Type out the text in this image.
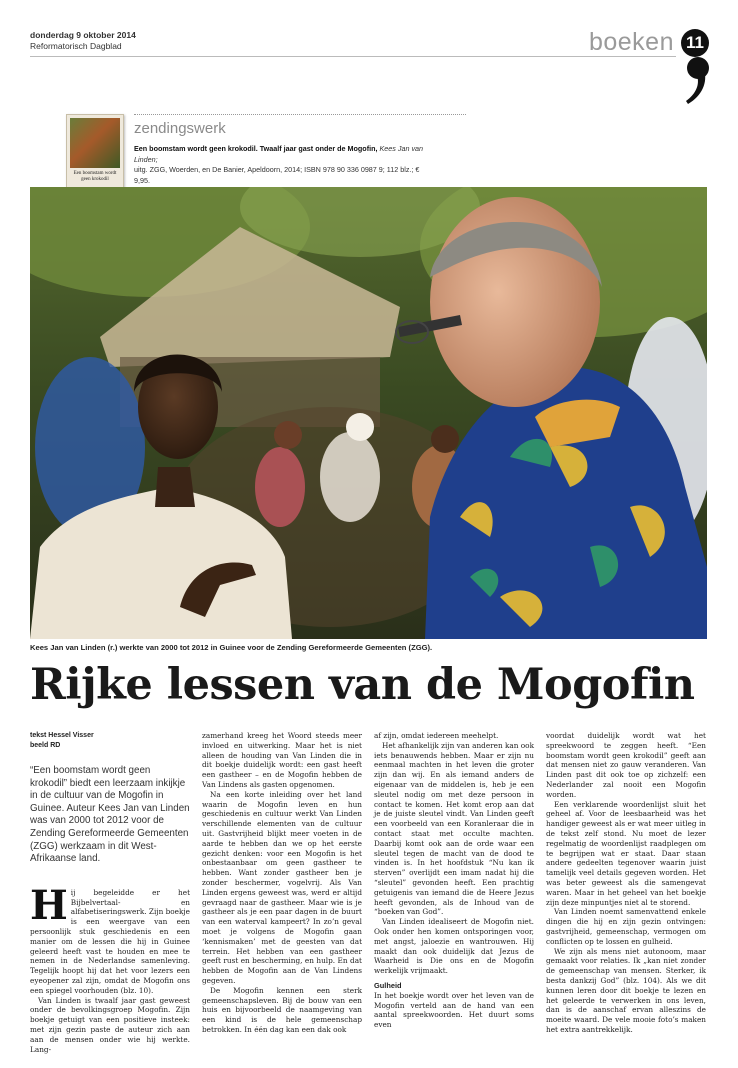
donderdag 9 oktober 2014
Reformatorisch Dagblad	boeken 11
Een boomstam wordt geen krokodil
zendingswerk
Een boomstam wordt geen krokodil. Twaalf jaar gast onder de Mogofin, Kees Jan van Linden;
uitg. ZGG, Woerden, en De Banier, Apeldoorn, 2014; ISBN 978 90 336 0987 9; 112 blz.; € 9,95.
Kees Jan van Linden (r.) werkte van 2000 tot 2012 in Guinee voor de Zending Gereformeerde Gemeenten (ZGG).
Rijke lessen van de Mogofin
tekst Hessel Visser
beeld RD
“Een boomstam wordt geen krokodil” biedt een leerzaam inkijkje in de cultuur van de Mogofin in Guinee. Auteur Kees Jan van Linden was van 2000 tot 2012 voor de Zending Gereformeerde Gemeenten (ZGG) werkzaam in dit West-Afrikaanse land.

Hij begeleidde er het Bijbelvertaal- en alfabetiseringswerk. Zijn boekje is een weergave van een persoonlijk stuk geschiedenis en een manier om de lessen die hij in Guinee geleerd heeft vast te houden en mee te nemen in de Nederlandse samenleving. Tegelijk hoopt hij dat het voor lezers een eyeopener zal zijn, omdat de Mogofin ons een spiegel voorhouden (blz. 10).

Van Linden is twaalf jaar gast geweest onder de bevolkingsgroep Mogofin. Zijn boekje getuigt van een positieve insteek: met zijn gezin paste de auteur zich aan aan de mensen onder wie hij werkte. Lang-

zamerhand kreeg het Woord steeds meer invloed en uitwerking. Maar het is niet alleen de houding van Van Linden die in dit boekje duidelijk wordt: een gast heeft een gastheer – en de Mogofin hebben de Van Lindens als gasten opgenomen.

Na een korte inleiding over het land waarin de Mogofin leven en hun geschiedenis en cultuur werkt Van Linden verschillende elementen van de cultuur uit. Gastvrijheid blijkt meer voeten in de aarde te hebben dan we op het eerste gezicht denken: voor een Mogofin is het onbestaanbaar om geen gastheer te hebben. Want zonder gastheer ben je zonder beschermer, vogelvrij. Als Van Linden ergens geweest was, werd er altijd gevraagd naar de gastheer. Maar wie is je gastheer als je een paar dagen in de buurt van een waterval kampeert? In zo’n geval moet je volgens de Mogofin gaan ‘kennismaken’ met de geesten van dat terrein. Het hebben van een gastheer geeft rust en bescherming, en hulp. En dat hebben de Mogofin aan de Van Lindens gegeven.

De Mogofin kennen een sterk gemeenschapsleven. Bij de bouw van een huis en bijvoorbeeld de naamgeving van een kind is de hele gemeenschap betrokken. In één dag kan een dak ook

af zijn, omdat iedereen meehelpt.

Het afhankelijk zijn van anderen kan ook iets benauwends hebben. Maar er zijn nu eenmaal machten in het leven die groter zijn dan wij. En als iemand anders de eigenaar van de middelen is, heb je een sleutel nodig om met deze persoon in contact te komen. Het komt erop aan dat je de juiste sleutel vindt. Van Linden geeft een voorbeeld van een Koranleraar die in contact staat met occulte machten. Daarbij komt ook aan de orde waar een sleutel tegen de macht van de dood te vinden is. In het hoofdstuk “Nu kan ik sterven” overlijdt een imam nadat hij die “sleutel” gevonden heeft. Een prachtig getuigenis van iemand die de Heere Jezus heeft gevonden, als de Inhoud van de “boeken van God”.

Van Linden idealiseert de Mogofin niet. Ook onder hen komen ontsporingen voor, met angst, jaloezie en wantrouwen. Hij maakt dan ook duidelijk dat Jezus de Waarheid is Die ons en de Mogofin werkelijk vrijmaakt.

Gulheid

In het boekje wordt over het leven van de Mogofin verteld aan de hand van een aantal spreekwoorden. Het duurt soms even

voordat duidelijk wordt wat het spreekwoord te zeggen heeft. “Een boomstam wordt geen krokodil” geeft aan dat mensen niet zo gauw veranderen. Van Linden past dit ook toe op zichzelf: een Nederlander zal nooit een Mogofin worden.

Een verklarende woordenlijst sluit het geheel af. Voor de leesbaarheid was het handiger geweest als er wat meer uitleg in de tekst zelf stond. Nu moet de lezer regelmatig de woordenlijst raadplegen om te begrijpen wat er staat. Daar staan andere gedeelten tegenover waarin juist tamelijk veel details gegeven worden. Het was beter geweest als die samengevat waren. Maar in het geheel van het boekje zijn deze minpuntjes niet al te storend.

Van Linden noemt samenvattend enkele dingen die hij en zijn gezin ontvingen: gastvrijheid, gemeenschap, vermogen om conflicten op te lossen en gulheid.

We zijn als mens niet autonoom, maar gemaakt voor relaties. Ik „kan niet zonder de gemeenschap van mensen. Sterker, ik besta dankzij God” (blz. 104). Als we dit kunnen leren door dit boekje te lezen en het geleerde te verwerken in ons leven, dan is de aanschaf ervan alleszins de moeite waard. De vele mooie foto’s maken het extra aantrekkelijk.
